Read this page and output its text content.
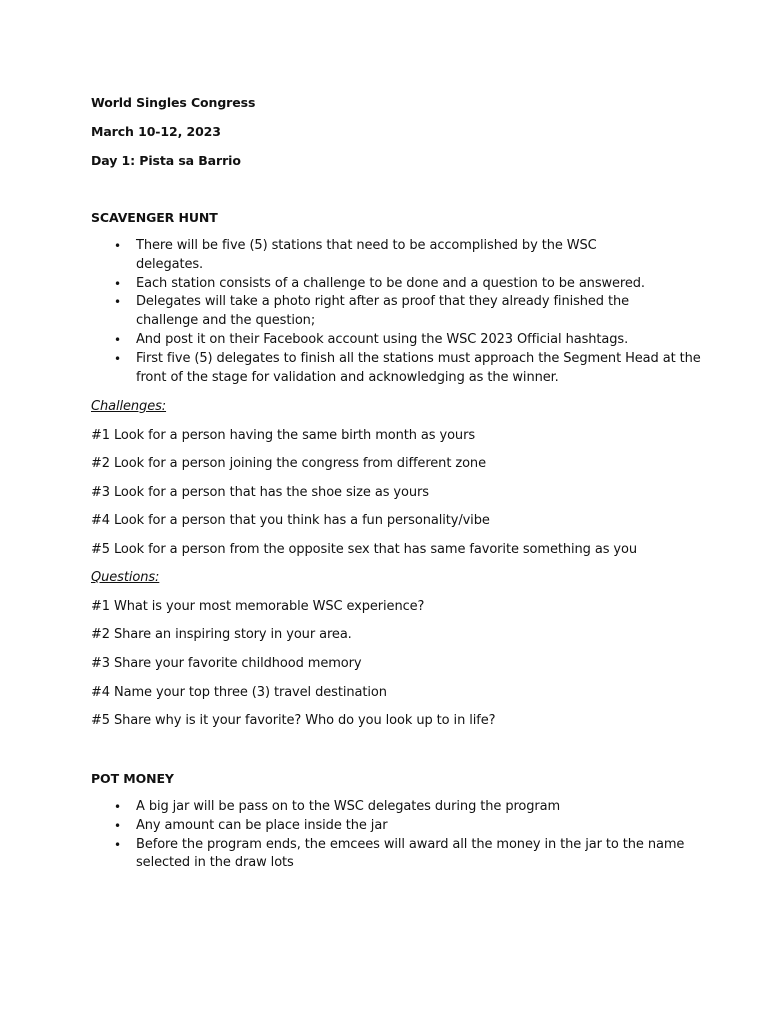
World Singles Congress
March 10-12, 2023
Day 1: Pista sa Barrio
SCAVENGER HUNT
• There will be five (5) stations that need to be accomplished by the WSC delegates.
• Each station consists of a challenge to be done and a question to be answered.
• Delegates will take a photo right after as proof that they already finished the challenge and the question;
• And post it on their Facebook account using the WSC 2023 Official hashtags.
• First five (5) delegates to finish all the stations must approach the Segment Head at the front of the stage for validation and acknowledging as the winner.
Challenges:
#1 Look for a person having the same birth month as yours
#2 Look for a person joining the congress from different zone
#3 Look for a person that has the shoe size as yours
#4 Look for a person that you think has a fun personality/vibe
#5 Look for a person from the opposite sex that has same favorite something as you
Questions:
#1 What is your most memorable WSC experience?
#2 Share an inspiring story in your area.
#3 Share your favorite childhood memory
#4 Name your top three (3) travel destination
#5 Share why is it your favorite? Who do you look up to in life?
POT MONEY
• A big jar will be pass on to the WSC delegates during the program
• Any amount can be place inside the jar
• Before the program ends, the emcees will award all the money in the jar to the name selected in the draw lots
